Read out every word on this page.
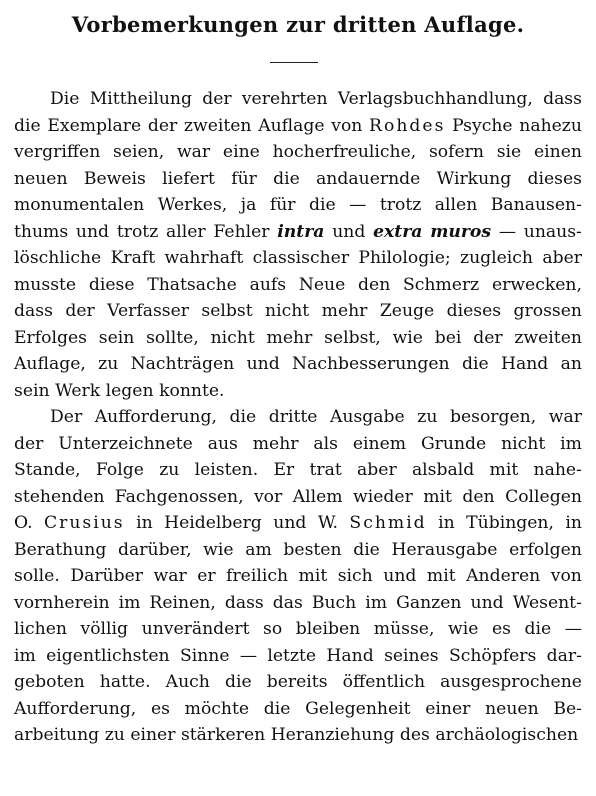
Vorbemerkungen zur dritten Auflage.
Die Mittheilung der verehrten Verlagsbuchhandlung, dass
die Exemplare der zweiten Auflage von Rohdes Psyche nahezu
vergriffen seien, war eine hocherfreuliche, sofern sie einen
neuen Beweis liefert für die andauernde Wirkung dieses
monumentalen Werkes, ja für die — trotz allen Banausen-
thums und trotz aller Fehler intra und extra muros — unaus-
löschliche Kraft wahrhaft classischer Philologie; zugleich aber
musste diese Thatsache aufs Neue den Schmerz erwecken,
dass der Verfasser selbst nicht mehr Zeuge dieses grossen
Erfolges sein sollte, nicht mehr selbst, wie bei der zweiten
Auflage, zu Nachträgen und Nachbesserungen die Hand an
sein Werk legen konnte.
Der Aufforderung, die dritte Ausgabe zu besorgen, war
der Unterzeichnete aus mehr als einem Grunde nicht im
Stande, Folge zu leisten. Er trat aber alsbald mit nahe-
stehenden Fachgenossen, vor Allem wieder mit den Collegen
O. Crusius in Heidelberg und W. Schmid in Tübingen, in
Berathung darüber, wie am besten die Herausgabe erfolgen
solle. Darüber war er freilich mit sich und mit Anderen von
vornherein im Reinen, dass das Buch im Ganzen und Wesent-
lichen völlig unverändert so bleiben müsse, wie es die —
im eigentlichsten Sinne — letzte Hand seines Schöpfers dar-
geboten hatte. Auch die bereits öffentlich ausgesprochene
Aufforderung, es möchte die Gelegenheit einer neuen Be-
arbeitung zu einer stärkeren Heranziehung des archäologischen
